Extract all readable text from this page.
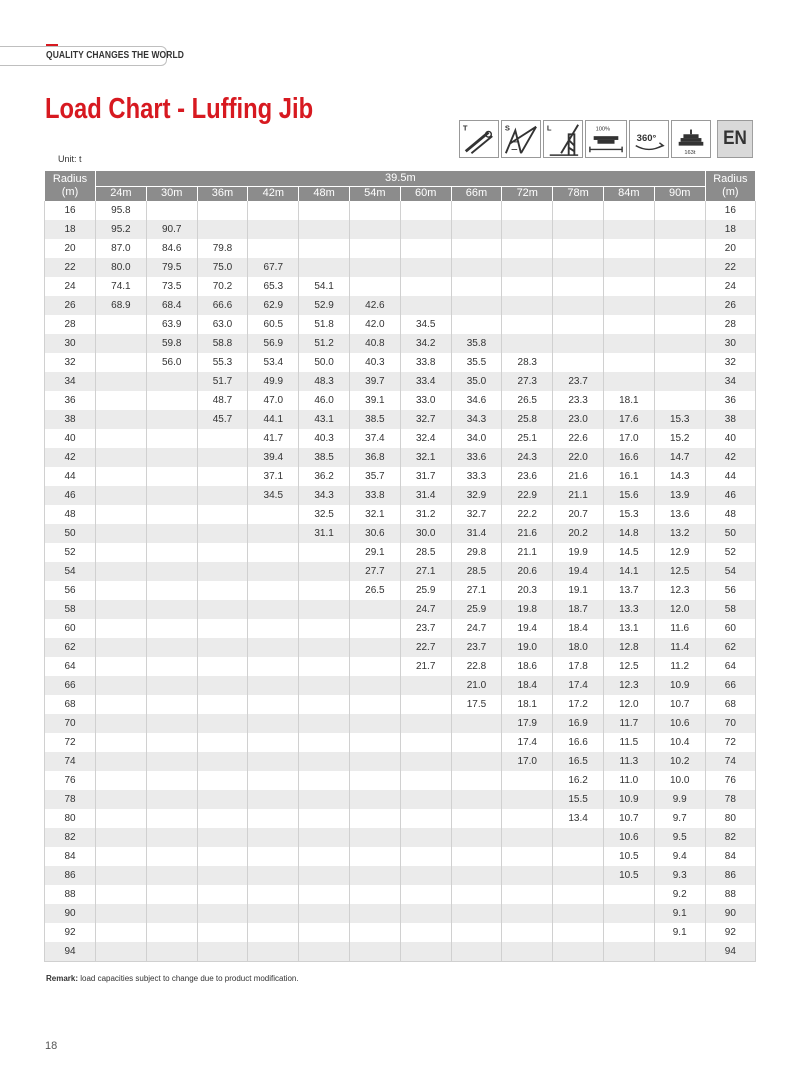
QUALITY CHANGES THE WORLD
Load Chart - Luffing Jib
T	S	L	100%
360°
163t
EN
Unit: t
Radius (m)	39.5m												Radius (m)
	24m	30m	36m	42m	48m	54m	60m	66m	72m	78m	84m	90m	
16	95.8												16
18	95.2	90.7											18
20	87.0	84.6	79.8										20
22	80.0	79.5	75.0	67.7									22
24	74.1	73.5	70.2	65.3	54.1								24
26	68.9	68.4	66.6	62.9	52.9	42.6							26
28		63.9	63.0	60.5	51.8	42.0	34.5						28
30		59.8	58.8	56.9	51.2	40.8	34.2	35.8					30
32		56.0	55.3	53.4	50.0	40.3	33.8	35.5	28.3				32
34			51.7	49.9	48.3	39.7	33.4	35.0	27.3	23.7			34
36			48.7	47.0	46.0	39.1	33.0	34.6	26.5	23.3	18.1		36
38			45.7	44.1	43.1	38.5	32.7	34.3	25.8	23.0	17.6	15.3	38
40				41.7	40.3	37.4	32.4	34.0	25.1	22.6	17.0	15.2	40
42				39.4	38.5	36.8	32.1	33.6	24.3	22.0	16.6	14.7	42
44				37.1	36.2	35.7	31.7	33.3	23.6	21.6	16.1	14.3	44
46				34.5	34.3	33.8	31.4	32.9	22.9	21.1	15.6	13.9	46
48					32.5	32.1	31.2	32.7	22.2	20.7	15.3	13.6	48
50					31.1	30.6	30.0	31.4	21.6	20.2	14.8	13.2	50
52						29.1	28.5	29.8	21.1	19.9	14.5	12.9	52
54						27.7	27.1	28.5	20.6	19.4	14.1	12.5	54
56						26.5	25.9	27.1	20.3	19.1	13.7	12.3	56
58							24.7	25.9	19.8	18.7	13.3	12.0	58
60							23.7	24.7	19.4	18.4	13.1	11.6	60
62							22.7	23.7	19.0	18.0	12.8	11.4	62
64							21.7	22.8	18.6	17.8	12.5	11.2	64
66								21.0	18.4	17.4	12.3	10.9	66
68								17.5	18.1	17.2	12.0	10.7	68
70									17.9	16.9	11.7	10.6	70
72									17.4	16.6	11.5	10.4	72
74									17.0	16.5	11.3	10.2	74
76										16.2	11.0	10.0	76
78										15.5	10.9	9.9	78
80										13.4	10.7	9.7	80
82											10.6	9.5	82
84											10.5	9.4	84
86											10.5	9.3	86
88												9.2	88
90												9.1	90
92												9.1	92
94													94
Remark: load capacities subject to change due to product modification.
18
